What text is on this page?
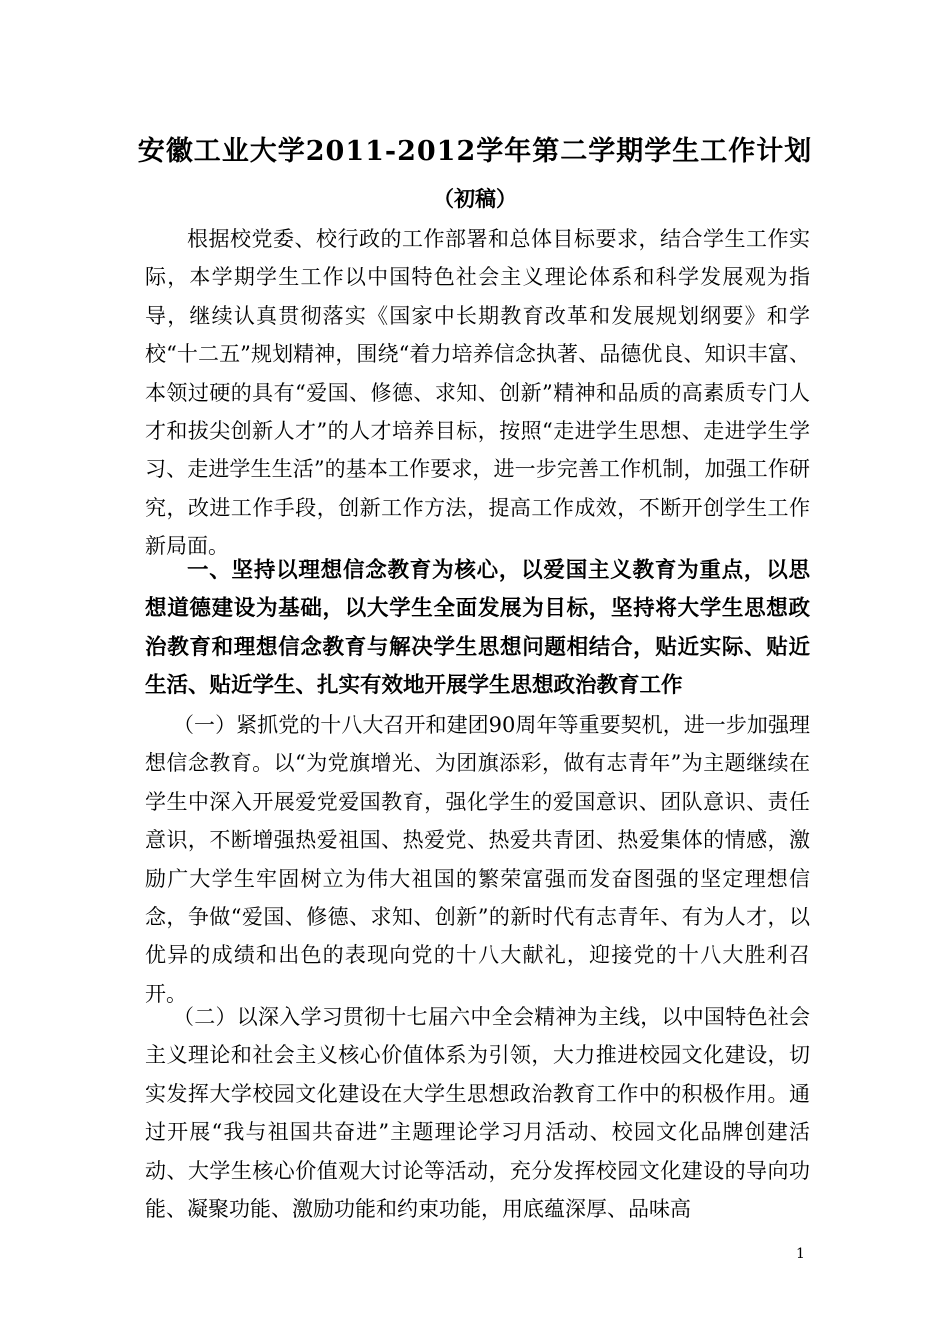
安徽工业大学2011-2012学年第二学期学生工作计划
（初稿）

根据校党委、校行政的工作部署和总体目标要求，结合学生工作实际，本学期学生工作以中国特色社会主义理论体系和科学发展观为指导，继续认真贯彻落实《国家中长期教育改革和发展规划纲要》和学校“十二五”规划精神，围绕“着力培养信念执著、品德优良、知识丰富、本领过硬的具有“爱国、修德、求知、创新”精神和品质的高素质专门人才和拔尖创新人才”的人才培养目标，按照“走进学生思想、走进学生学习、走进学生生活”的基本工作要求，进一步完善工作机制，加强工作研究，改进工作手段，创新工作方法，提高工作成效，不断开创学生工作新局面。

一、坚持以理想信念教育为核心，以爱国主义教育为重点，以思想道德建设为基础，以大学生全面发展为目标，坚持将大学生思想政治教育和理想信念教育与解决学生思想问题相结合，贴近实际、贴近生活、贴近学生、扎实有效地开展学生思想政治教育工作

（一）紧抓党的十八大召开和建团90周年等重要契机，进一步加强理想信念教育。以“为党旗增光、为团旗添彩，做有志青年”为主题继续在学生中深入开展爱党爱国教育，强化学生的爱国意识、团队意识、责任意识，不断增强热爱祖国、热爱党、热爱共青团、热爱集体的情感，激励广大学生牢固树立为伟大祖国的繁荣富强而发奋图强的坚定理想信念，争做“爱国、修德、求知、创新”的新时代有志青年、有为人才，以优异的成绩和出色的表现向党的十八大献礼，迎接党的十八大胜利召开。

（二）以深入学习贯彻十七届六中全会精神为主线，以中国特色社会主义理论和社会主义核心价值体系为引领，大力推进校园文化建设，切实发挥大学校园文化建设在大学生思想政治教育工作中的积极作用。通过开展“我与祖国共奋进”主题理论学习月活动、校园文化品牌创建活动、大学生核心价值观大讨论等活动，充分发挥校园文化建设的导向功能、凝聚功能、激励功能和约束功能，用底蕴深厚、品味高

1
